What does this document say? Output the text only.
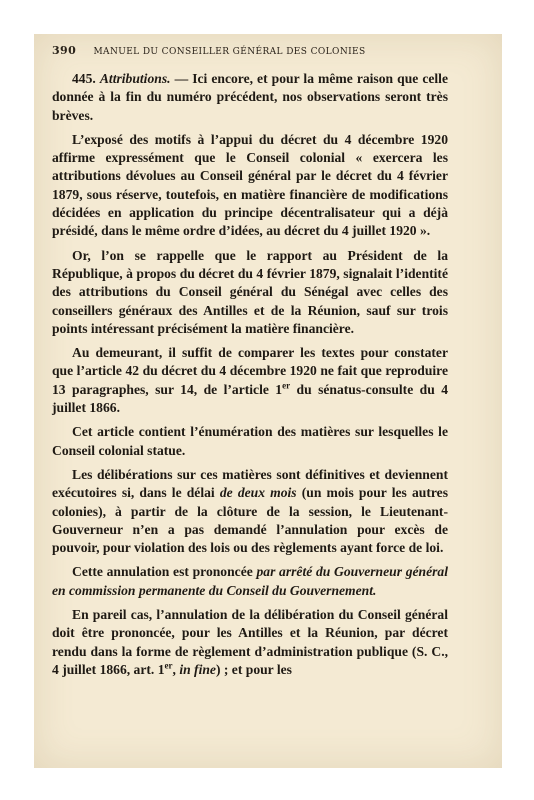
390 MANUEL DU CONSEILLER GÉNÉRAL DES COLONIES

445. Attributions. — Ici encore, et pour la même raison que celle donnée à la fin du numéro précédent, nos observations seront très brèves.

L’exposé des motifs à l’appui du décret du 4 décembre 1920 affirme expressément que le Conseil colonial « exercera les attributions dévolues au Conseil général par le décret du 4 février 1879, sous réserve, toutefois, en matière financière de modifications décidées en application du principe décentralisateur qui a déjà présidé, dans le même ordre d’idées, au décret du 4 juillet 1920 ».

Or, l’on se rappelle que le rapport au Président de la République, à propos du décret du 4 février 1879, signalait l’identité des attributions du Conseil général du Sénégal avec celles des conseillers généraux des Antilles et de la Réunion, sauf sur trois points intéressant précisément la matière financière.

Au demeurant, il suffit de comparer les textes pour constater que l’article 42 du décret du 4 décembre 1920 ne fait que reproduire 13 paragraphes, sur 14, de l’article 1er du sénatus-consulte du 4 juillet 1866.

Cet article contient l’énumération des matières sur lesquelles le Conseil colonial statue.

Les délibérations sur ces matières sont définitives et deviennent exécutoires si, dans le délai de deux mois (un mois pour les autres colonies), à partir de la clôture de la session, le Lieutenant-Gouverneur n’en a pas demandé l’annulation pour excès de pouvoir, pour violation des lois ou des règlements ayant force de loi.

Cette annulation est prononcée par arrêté du Gouverneur général en commission permanente du Conseil du Gouvernement.

En pareil cas, l’annulation de la délibération du Conseil général doit être prononcée, pour les Antilles et la Réunion, par décret rendu dans la forme de règlement d’administration publique (S. C., 4 juillet 1866, art. 1er, in fine) ; et pour les
